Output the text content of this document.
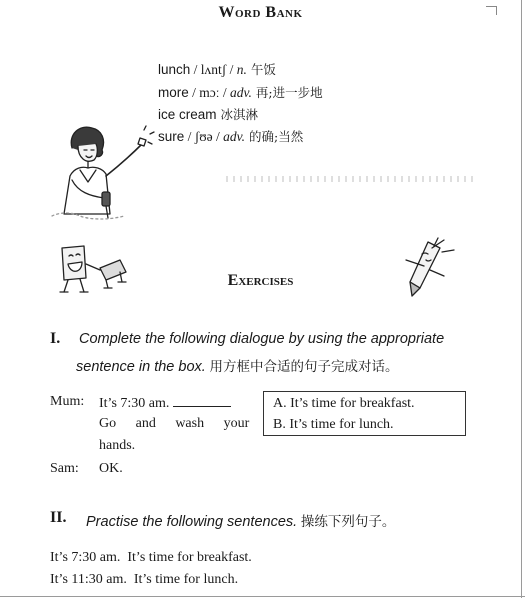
Word Bank
lunch / lʌntʃ / n. 午饭
more / mɔː / adv. 再;进一步地
ice cream 冰淇淋
sure / ʃʊə / adv. 的确;当然
Exercises
I. Complete the following dialogue by using the appropriate
sentence in the box. 用方框中合适的句子完成对话。
Mum: It’s 7:30 am.
Go   and   wash   your
hands.
Sam: OK.
A. It’s time for breakfast.
B. It’s time for lunch.
II. Practise the following sentences. 操练下列句子。
It’s 7:30 am.  It’s time for breakfast.
It’s 11:30 am.  It’s time for lunch.
